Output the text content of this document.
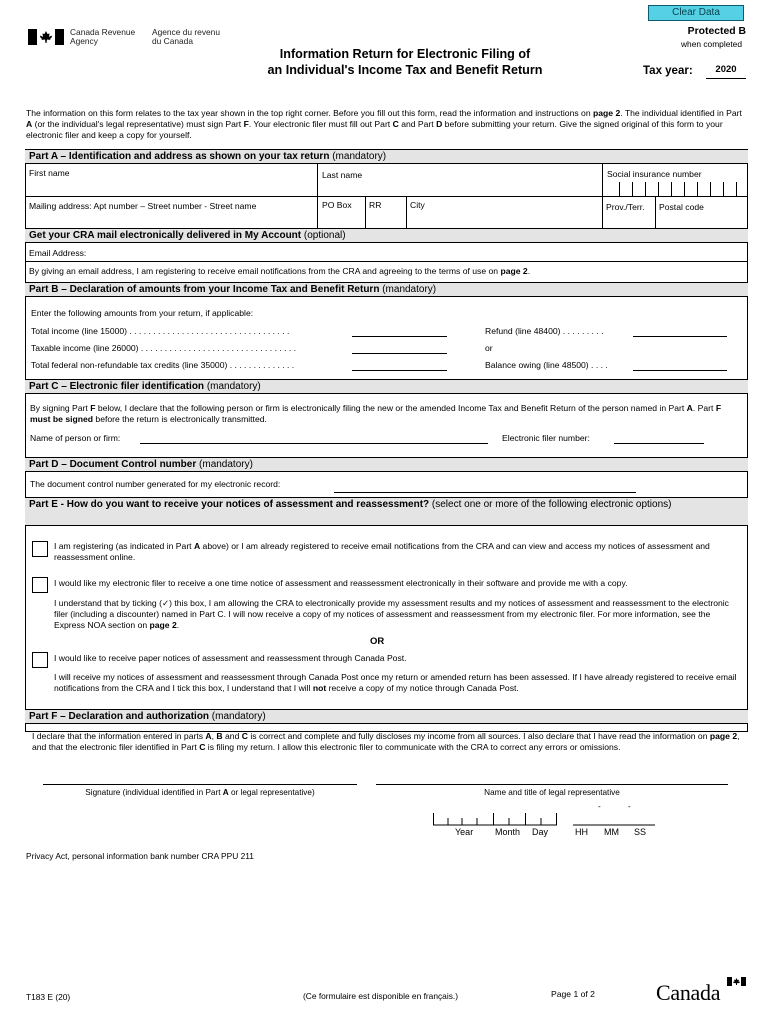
Clear Data
Canada Revenue
Agency
Agence du revenu
du Canada
Information Return for Electronic Filing of
an Individual's Income Tax and Benefit Return
Protected B
when completed
Tax year:	2020
The information on this form relates to the tax year shown in the top right corner. Before you fill out this form, read the information and instructions on page 2. The individual identified in Part A (or the individual's legal representative) must sign Part F. Your electronic filer must fill out Part C and Part D before submitting your return. Give the signed original of this form to your electronic filer and keep a copy for yourself.
Part A – Identification and address as shown on your tax return (mandatory)
First name	Last name	Social insurance number
Mailing address: Apt number – Street number - Street name	PO Box RR	City	Prov./Terr. Postal code
Get your CRA mail electronically delivered in My Account (optional)
Email Address:
By giving an email address, I am registering to receive email notifications from the CRA and agreeing to the terms of use on page 2.
Part B – Declaration of amounts from your Income Tax and Benefit Return (mandatory)
Enter the following amounts from your return, if applicable:
Total income (line 15000) . . . . . . . . . . . . . . . . . . . . . . . . . . . . . . . . . .
Taxable income (line 26000) . . . . . . . . . . . . . . . . . . . . . . . . . . . . . . . . .
Total federal non-refundable tax credits (line 35000) . . . . . . . . . . . . . .
Refund (line 48400) . . . . . . . . .
or
Balance owing (line 48500) . . . .
Part C – Electronic filer identification (mandatory)
By signing Part F below, I declare that the following person or firm is electronically filing the new or the amended Income Tax and Benefit Return of the person named in Part A. Part F must be signed before the return is electronically transmitted.
Name of person or firm:	Electronic filer number:
Part D – Document Control number (mandatory)
The document control number generated for my electronic record:
Part E - How do you want to receive your notices of assessment and reassessment? (select one or more of the following electronic options)
I am registering (as indicated in Part A above) or I am already registered to receive email notifications from the CRA and can view and access my notices of assessment and reassessment online.
I would like my electronic filer to receive a one time notice of assessment and reassessment electronically in their software and provide me with a copy.
I understand that by ticking (✓) this box, I am allowing the CRA to electronically provide my assessment results and my notices of assessment and reassessment to the electronic filer (including a discounter) named in Part C. I will now receive a copy of my notices of assessment and reassessment from my electronic filer. For more information, see the Express NOA section on page 2.
OR
I would like to receive paper notices of assessment and reassessment through Canada Post.
I will receive my notices of assessment and reassessment through Canada Post once my return or amended return has been assessed. If I have already registered to receive email notifications from the CRA and I tick this box, I understand that I will not receive a copy of my notice through Canada Post.
Part F – Declaration and authorization (mandatory)
I declare that the information entered in parts A, B and C is correct and complete and fully discloses my income from all sources. I also declare that I have read the information on page 2, and that the electronic filer identified in Part C is filing my return. I allow this electronic filer to communicate with the CRA to correct any errors or omissions.
Signature (individual identified in Part A or legal representative)	Name and title of legal representative
-	-
Year Month Day	HH MM SS
Privacy Act, personal information bank number CRA PPU 211
T183 E (20)	(Ce formulaire est disponible en français.)	Page 1 of 2	Canada
